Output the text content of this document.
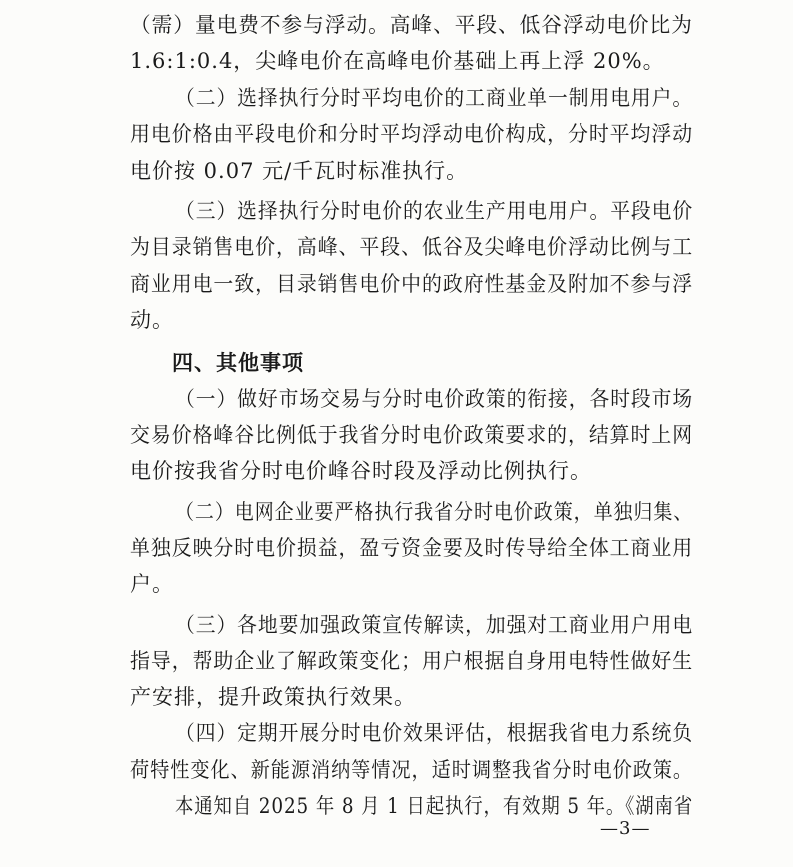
（需）量电费不参与浮动。高峰、平段、低谷浮动电价比为
1.6:1:0.4，尖峰电价在高峰电价基础上再上浮 20%。
（二）选择执行分时平均电价的工商业单一制用电用户。
用电价格由平段电价和分时平均浮动电价构成，分时平均浮动
电价按 0.07 元/千瓦时标准执行。
（三）选择执行分时电价的农业生产用电用户。平段电价
为目录销售电价，高峰、平段、低谷及尖峰电价浮动比例与工
商业用电一致，目录销售电价中的政府性基金及附加不参与浮
动。
四、其他事项
（一）做好市场交易与分时电价政策的衔接，各时段市场
交易价格峰谷比例低于我省分时电价政策要求的，结算时上网
电价按我省分时电价峰谷时段及浮动比例执行。
（二）电网企业要严格执行我省分时电价政策，单独归集、
单独反映分时电价损益，盈亏资金要及时传导给全体工商业用
户。
（三）各地要加强政策宣传解读，加强对工商业用户用电
指导，帮助企业了解政策变化；用户根据自身用电特性做好生
产安排，提升政策执行效果。
（四）定期开展分时电价效果评估，根据我省电力系统负
荷特性变化、新能源消纳等情况，适时调整我省分时电价政策。
本通知自 2025 年 8 月 1 日起执行，有效期 5 年。《湖南省
—3—
